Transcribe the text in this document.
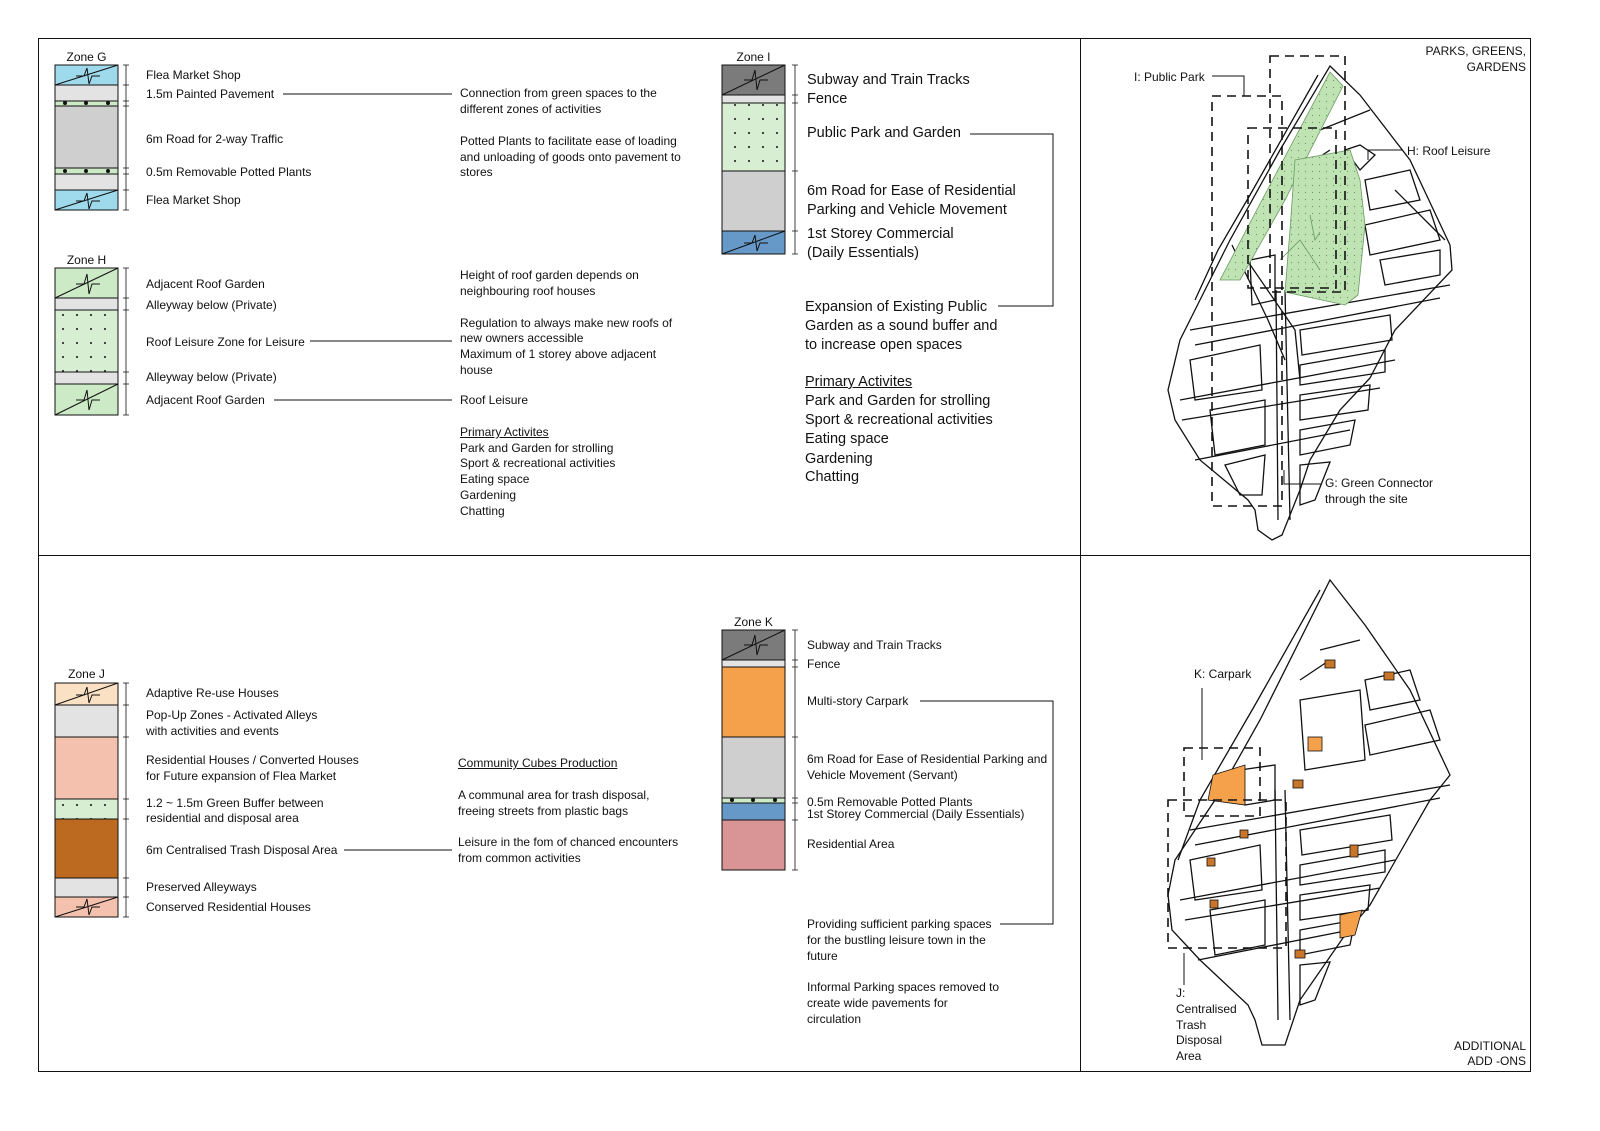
Zone G
Flea Market Shop
1.5m Painted Pavement
6m Road for 2-way Traffic
0.5m Removable Potted Plants
Flea Market Shop
Connection from green spaces to the
different zones of activities
Potted Plants to facilitate ease of loading
and unloading of goods onto pavement to
stores
Zone H
Adjacent Roof Garden
Alleyway below (Private)
Roof Leisure Zone for Leisure
Alleyway below (Private)
Adjacent Roof Garden
Height of roof garden depends on
neighbouring roof houses
Regulation to always make new roofs of
new owners accessible
Maximum of 1 storey above adjacent
house
Roof Leisure
Primary Activites
Park and Garden for strolling
Sport & recreational activities
Eating space
Gardening
Chatting
Zone I
Subway and Train Tracks
Fence
Public Park and Garden
6m Road for Ease of Residential
Parking and Vehicle Movement
1st Storey Commercial
(Daily Essentials)
Expansion of Existing Public
Garden as a sound buffer and
to increase open spaces
Primary Activites
Park and Garden for strolling
Sport & recreational activities
Eating space
Gardening
Chatting
Zone J
Adaptive Re-use Houses
Pop-Up Zones - Activated Alleys
with activities and events
Residential Houses / Converted Houses
for Future expansion of Flea Market
1.2 ~ 1.5m Green Buffer between
residential and disposal area
6m Centralised Trash Disposal Area
Preserved Alleyways
Conserved Residential Houses
Community Cubes Production
A communal area for trash disposal,
freeing streets from plastic bags
Leisure in the fom of chanced encounters
from common activities
Zone K
Subway and Train Tracks
Fence
Multi-story Carpark
6m Road for Ease of Residential Parking and
Vehicle Movement (Servant)
0.5m Removable Potted Plants
1st Storey Commercial (Daily Essentials)
Residential Area
Providing sufficient parking spaces
for the bustling leisure town in the
future
Informal Parking spaces removed to
create wide pavements for
circulation
PARKS, GREENS,
GARDENS
I: Public Park
H: Roof Leisure
G: Green Connector
through the site
ADDITIONAL
ADD -ONS
K: Carpark
J:
Centralised
Trash
Disposal
Area
